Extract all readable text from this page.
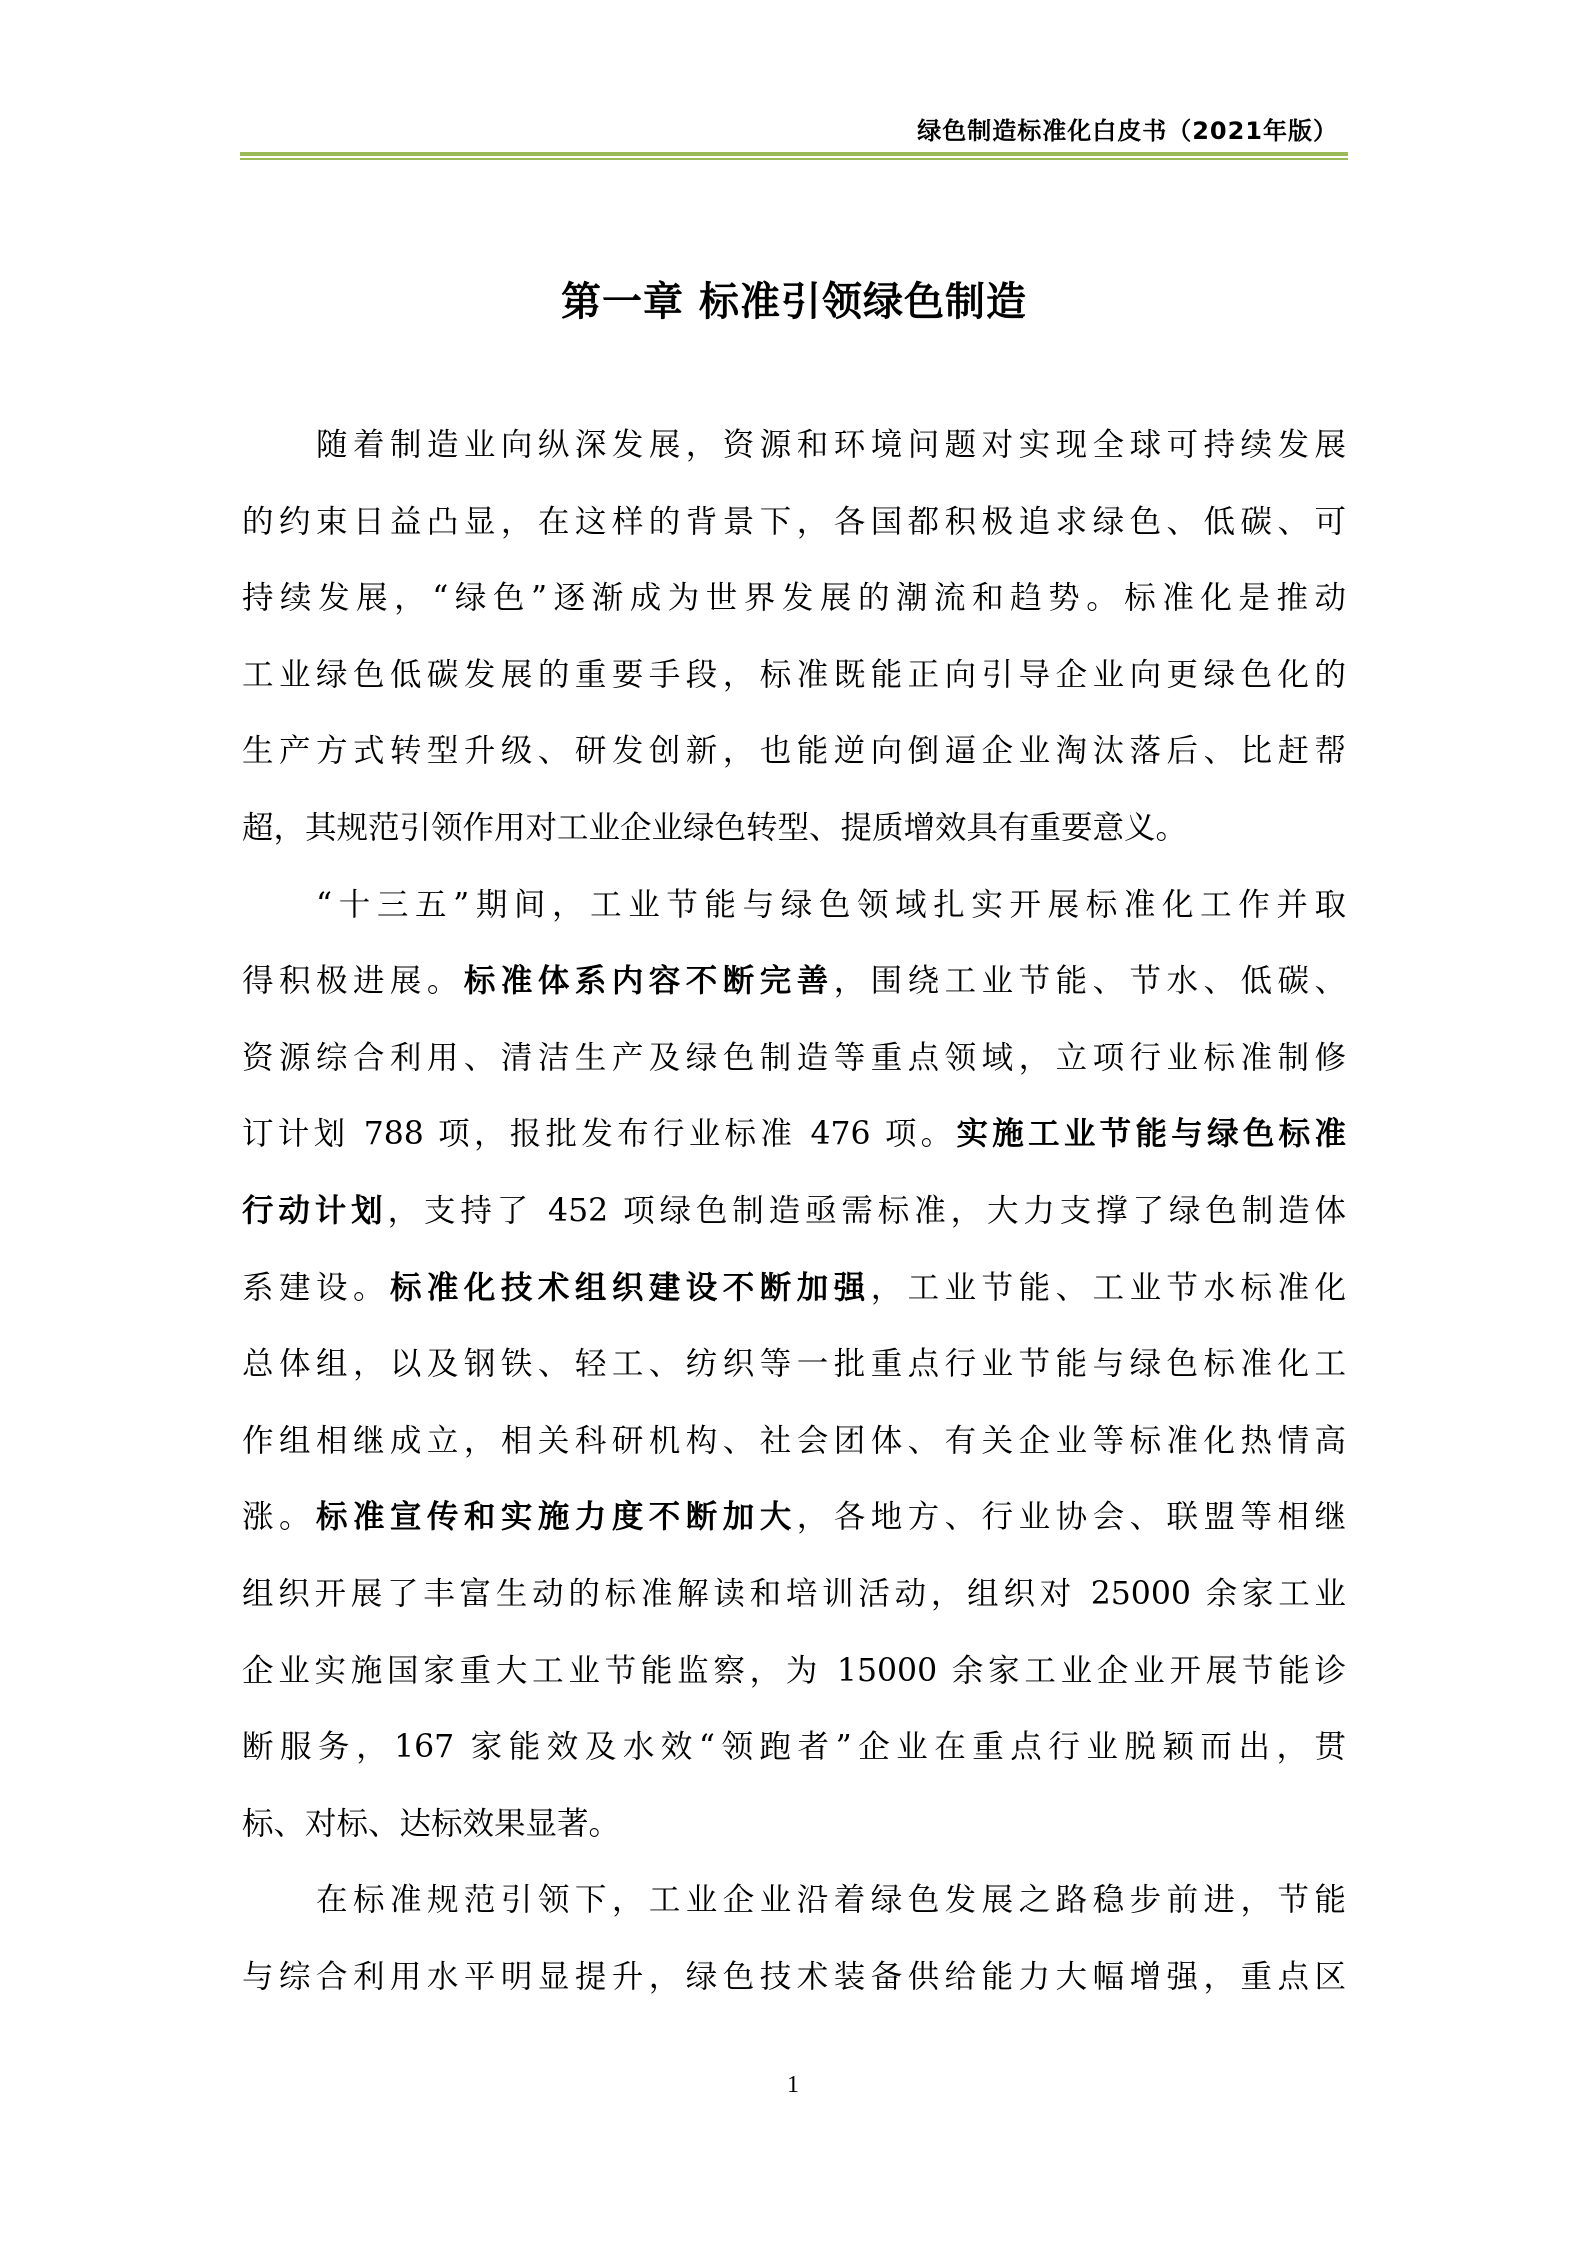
绿色制造标准化白皮书（2021年版）
第一章 标准引领绿色制造
随着制造业向纵深发展，资源和环境问题对实现全球可持续发展
的约束日益凸显，在这样的背景下，各国都积极追求绿色、低碳、可
持续发展，“绿色”逐渐成为世界发展的潮流和趋势。标准化是推动
工业绿色低碳发展的重要手段，标准既能正向引导企业向更绿色化的
生产方式转型升级、研发创新，也能逆向倒逼企业淘汰落后、比赶帮
超，其规范引领作用对工业企业绿色转型、提质增效具有重要意义。
“十三五”期间，工业节能与绿色领域扎实开展标准化工作并取
得积极进展。标准体系内容不断完善，围绕工业节能、节水、低碳、
资源综合利用、清洁生产及绿色制造等重点领域，立项行业标准制修
订计划 788 项，报批发布行业标准 476 项。实施工业节能与绿色标准
行动计划，支持了 452 项绿色制造亟需标准，大力支撑了绿色制造体
系建设。标准化技术组织建设不断加强，工业节能、工业节水标准化
总体组，以及钢铁、轻工、纺织等一批重点行业节能与绿色标准化工
作组相继成立，相关科研机构、社会团体、有关企业等标准化热情高
涨。标准宣传和实施力度不断加大，各地方、行业协会、联盟等相继
组织开展了丰富生动的标准解读和培训活动，组织对 25000 余家工业
企业实施国家重大工业节能监察，为 15000 余家工业企业开展节能诊
断服务，167 家能效及水效“领跑者”企业在重点行业脱颖而出，贯
标、对标、达标效果显著。
在标准规范引领下，工业企业沿着绿色发展之路稳步前进，节能
与综合利用水平明显提升，绿色技术装备供给能力大幅增强，重点区
1
